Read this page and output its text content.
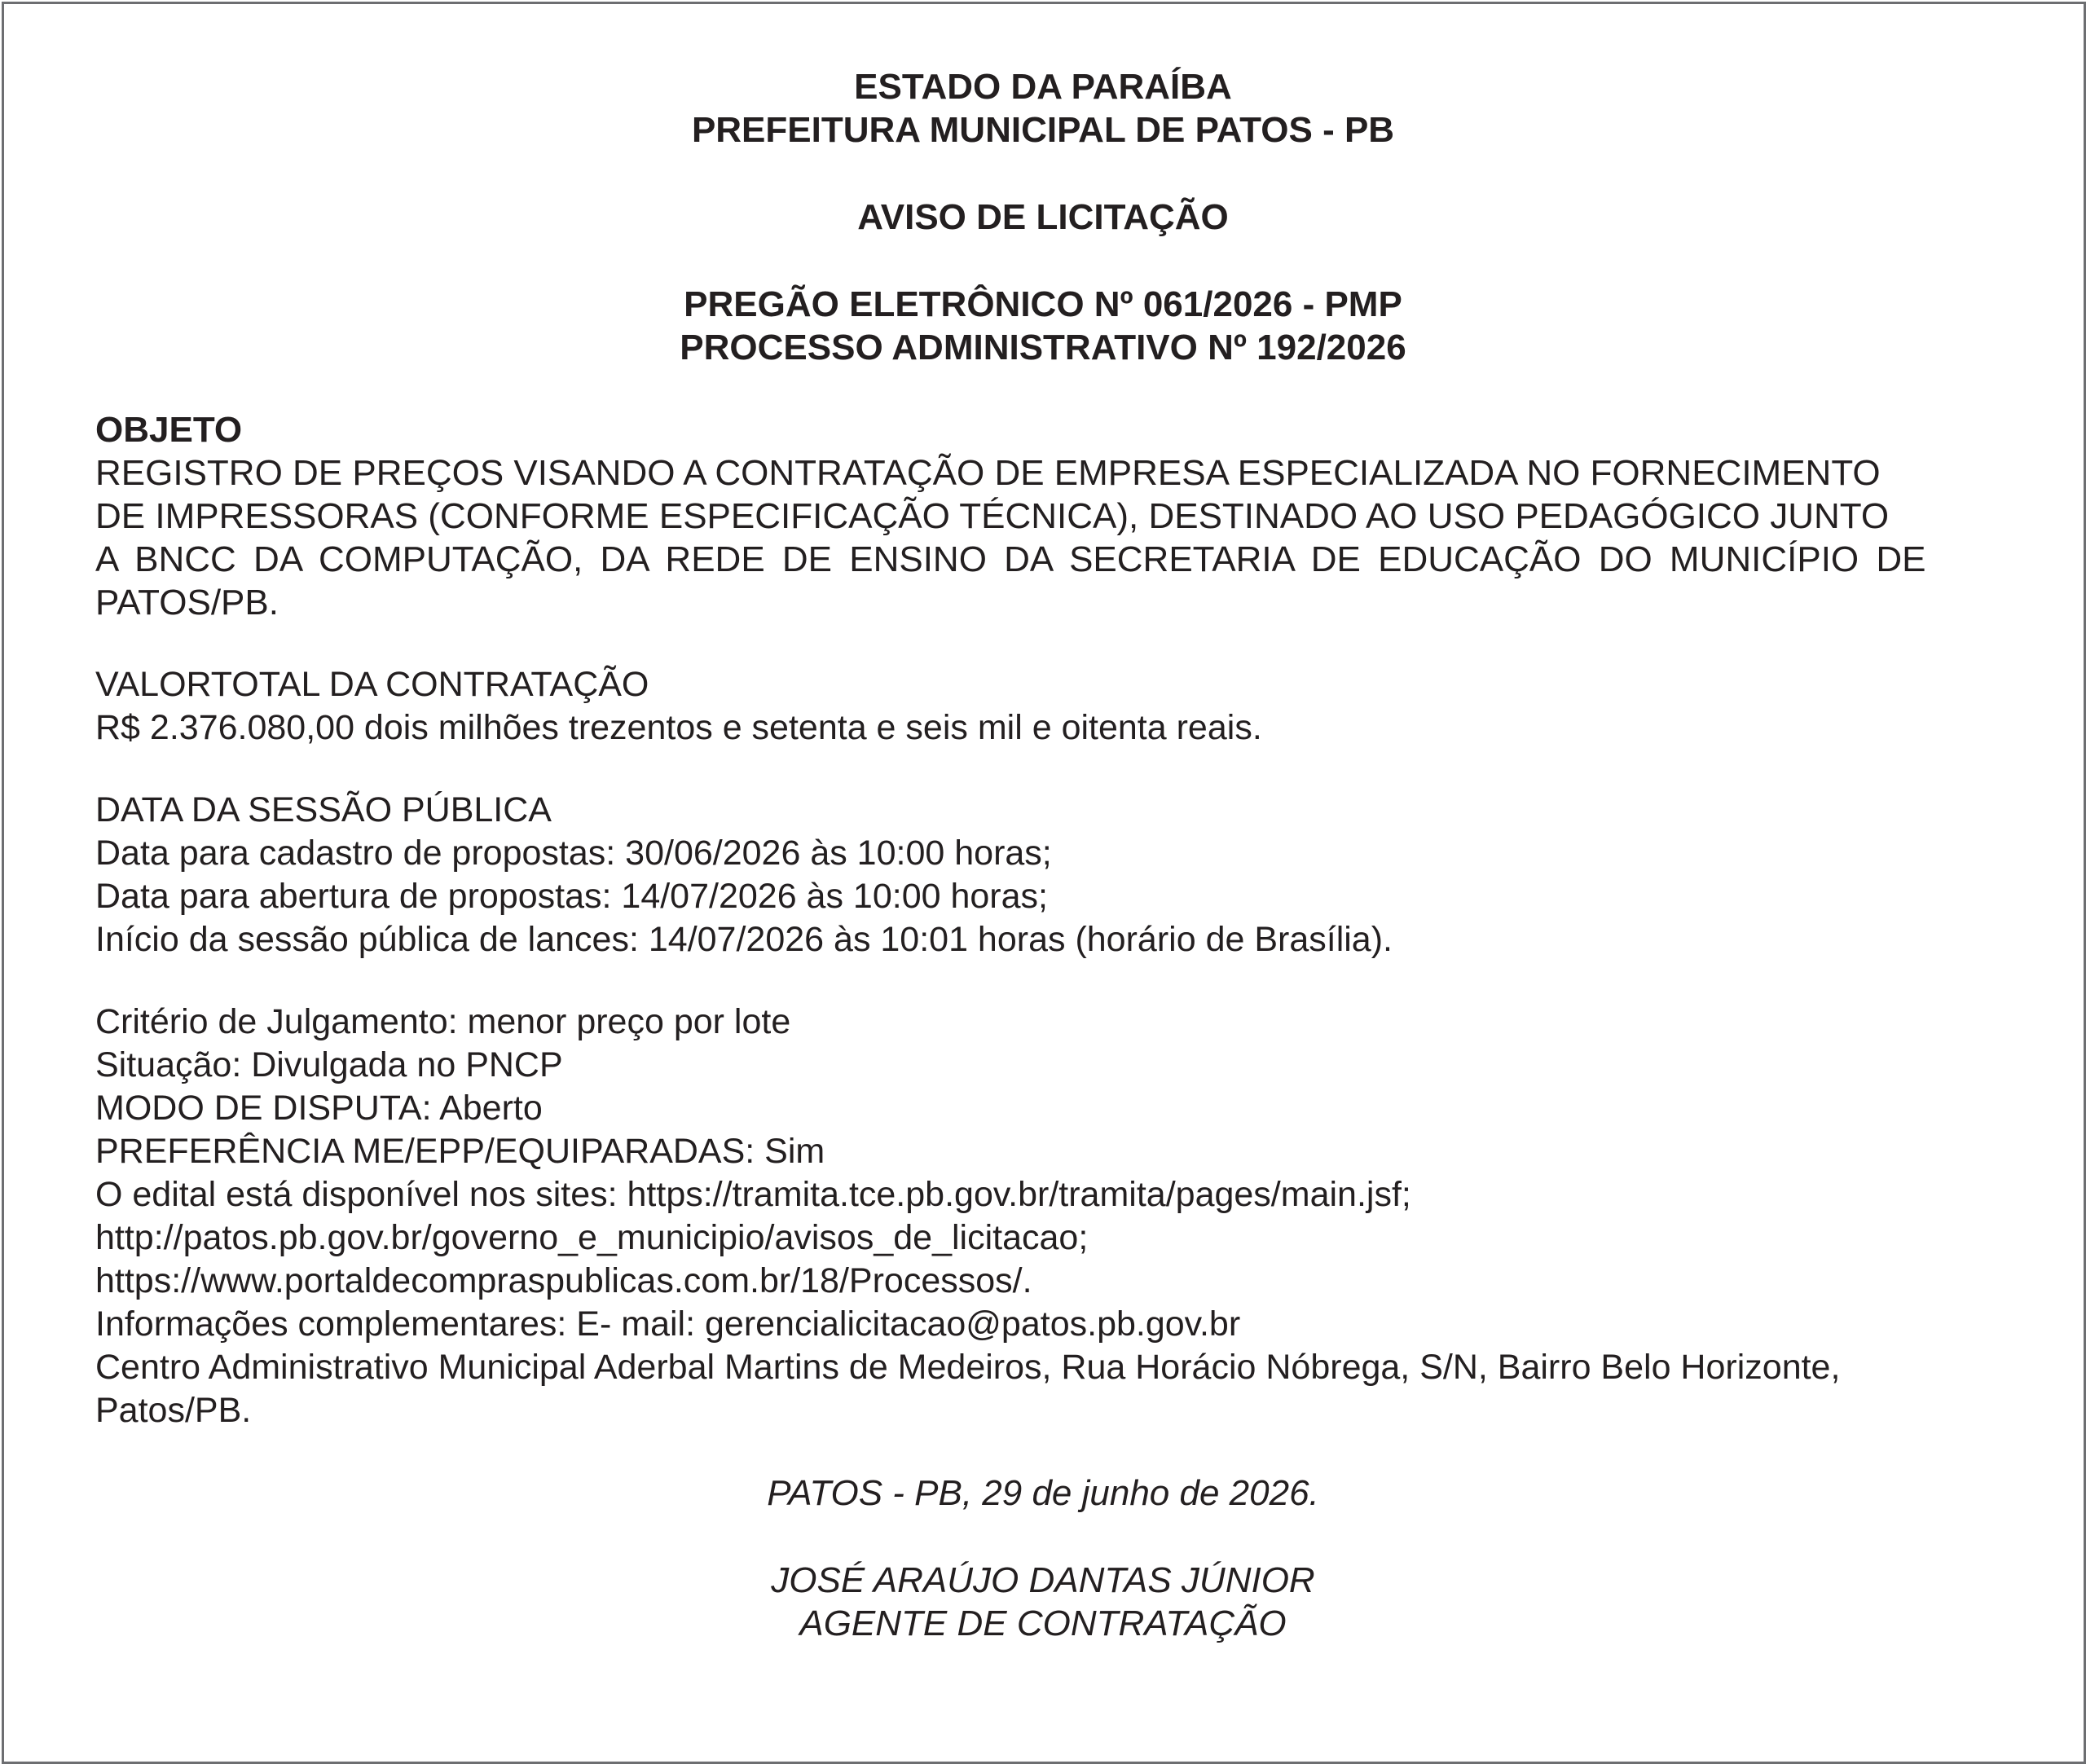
ESTADO DA PARAÍBA
PREFEITURA MUNICIPAL DE PATOS - PB
AVISO DE LICITAÇÃO
PREGÃO ELETRÔNICO Nº 061/2026 - PMP
PROCESSO ADMINISTRATIVO Nº 192/2026
OBJETO
REGISTRO DE PREÇOS VISANDO A CONTRATAÇÃO DE EMPRESA ESPECIALIZADA NO FORNECIMENTO
DE IMPRESSORAS (CONFORME ESPECIFICAÇÃO TÉCNICA), DESTINADO AO USO PEDAGÓGICO JUNTO
A BNCC DA COMPUTAÇÃO, DA REDE DE ENSINO DA SECRETARIA DE EDUCAÇÃO DO MUNICÍPIO DE
PATOS/PB.
VALORTOTAL DA CONTRATAÇÃO
R$ 2.376.080,00 dois milhões trezentos e setenta e seis mil e oitenta reais.
DATA DA SESSÃO PÚBLICA
Data para cadastro de propostas: 30/06/2026 às 10:00 horas;
Data para abertura de propostas: 14/07/2026 às 10:00 horas;
Início da sessão pública de lances: 14/07/2026 às 10:01 horas (horário de Brasília).
Critério de Julgamento: menor preço por lote
Situação: Divulgada no PNCP
MODO DE DISPUTA: Aberto
PREFERÊNCIA ME/EPP/EQUIPARADAS: Sim
O edital está disponível nos sites: https://tramita.tce.pb.gov.br/tramita/pages/main.jsf;
http://patos.pb.gov.br/governo_e_municipio/avisos_de_licitacao;
https://www.portaldecompraspublicas.com.br/18/Processos/.
Informações complementares: E- mail: gerencialicitacao@patos.pb.gov.br
Centro Administrativo Municipal Aderbal Martins de Medeiros, Rua Horácio Nóbrega, S/N, Bairro Belo Horizonte,
Patos/PB.
PATOS - PB, 29 de junho de 2026.
JOSÉ ARAÚJO DANTAS JÚNIOR
AGENTE DE CONTRATAÇÃO
